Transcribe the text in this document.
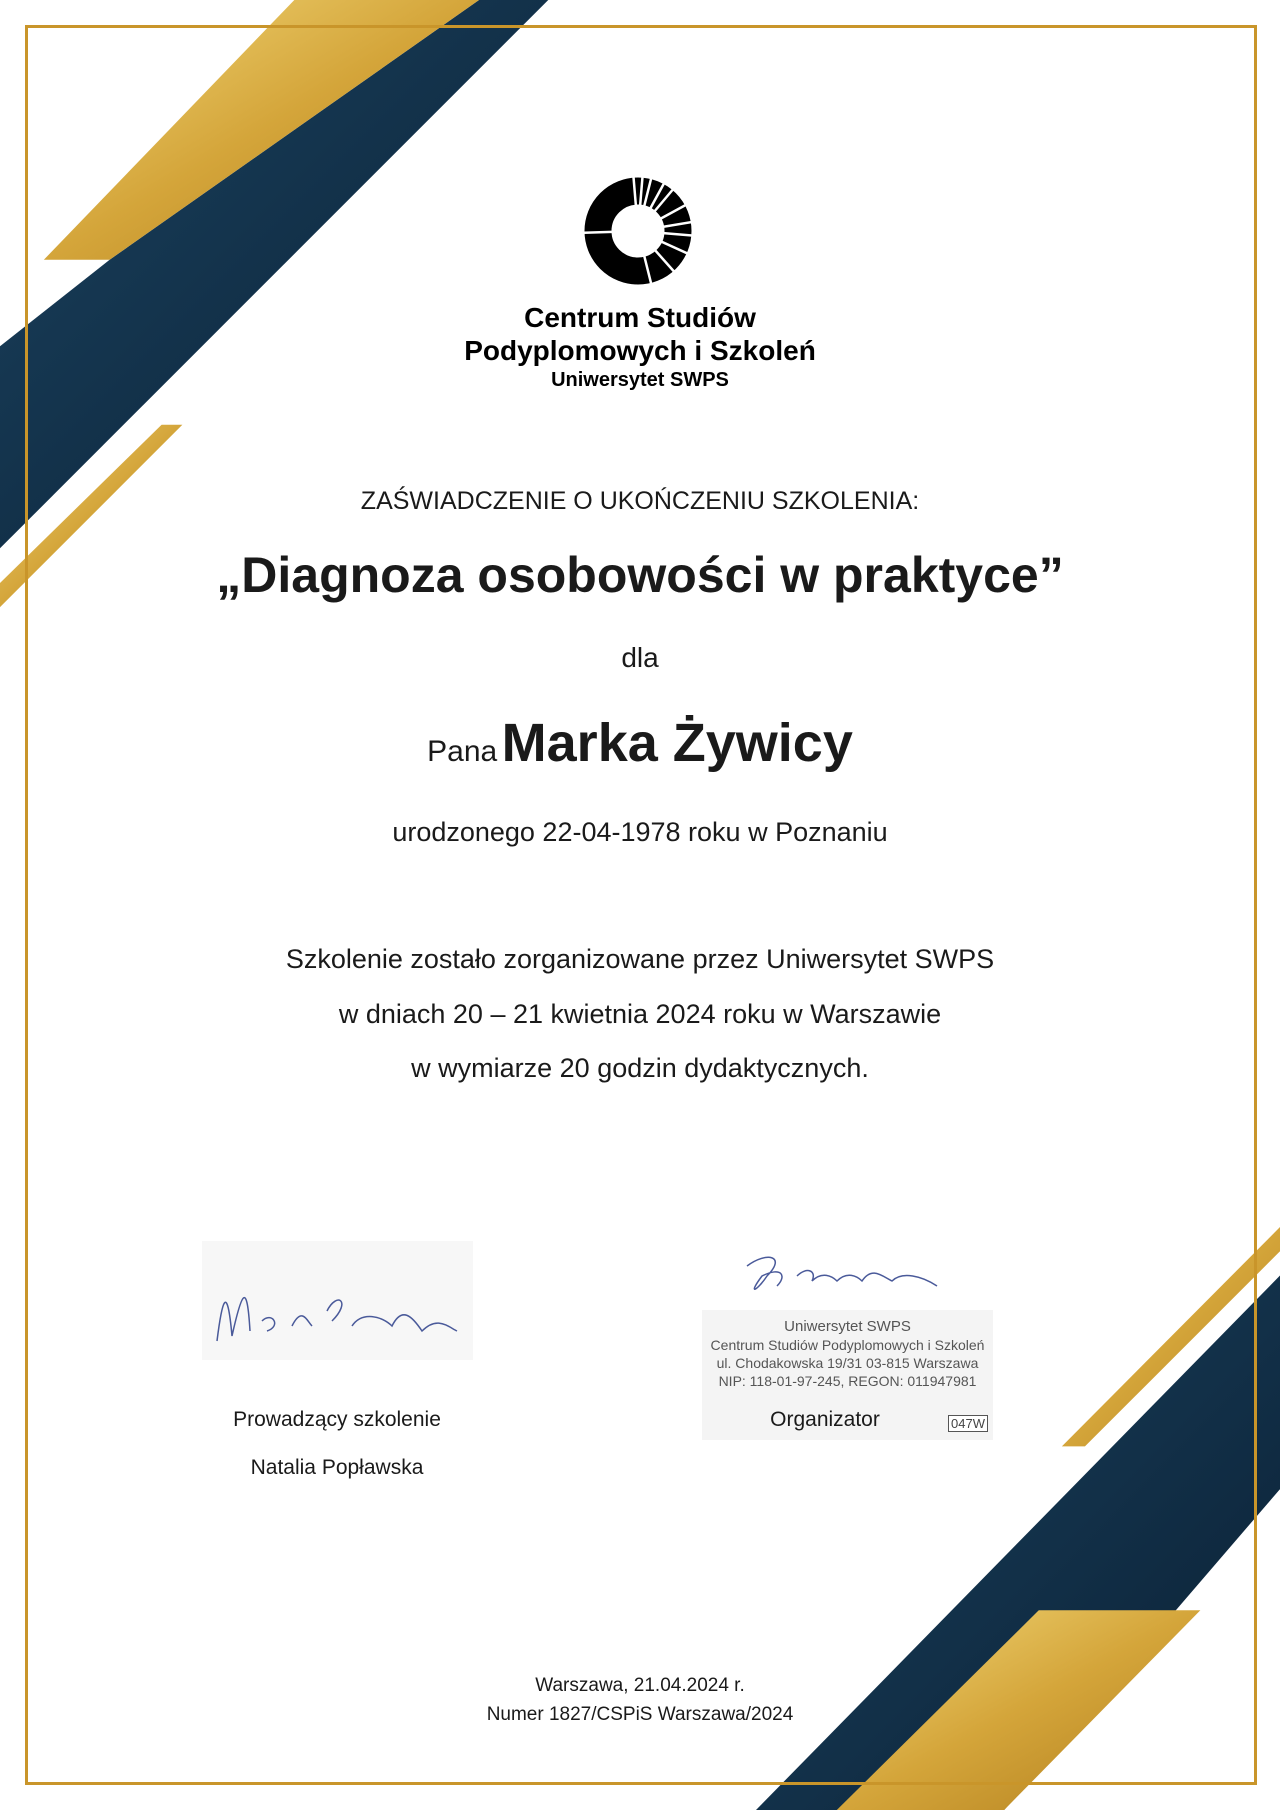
Centrum Studiów
Podyplomowych i Szkoleń
Uniwersytet SWPS
ZAŚWIADCZENIE O UKOŃCZENIU SZKOLENIA:
„Diagnoza osobowości w praktyce”
dla
Pana Marka Żywicy
urodzonego 22-04-1978 roku w Poznaniu
Szkolenie zostało zorganizowane przez Uniwersytet SWPS
w dniach 20 – 21 kwietnia 2024 roku w Warszawie
w wymiarze 20 godzin dydaktycznych.
Prowadzący szkolenie
Natalia Popławska
Uniwersytet SWPS
Centrum Studiów Podyplomowych i Szkoleń
ul. Chodakowska 19/31 03-815 Warszawa
NIP: 118-01-97-245, REGON: 011947981
Organizator	047W
Warszawa, 21.04.2024 r.
Numer 1827/CSPiS Warszawa/2024
